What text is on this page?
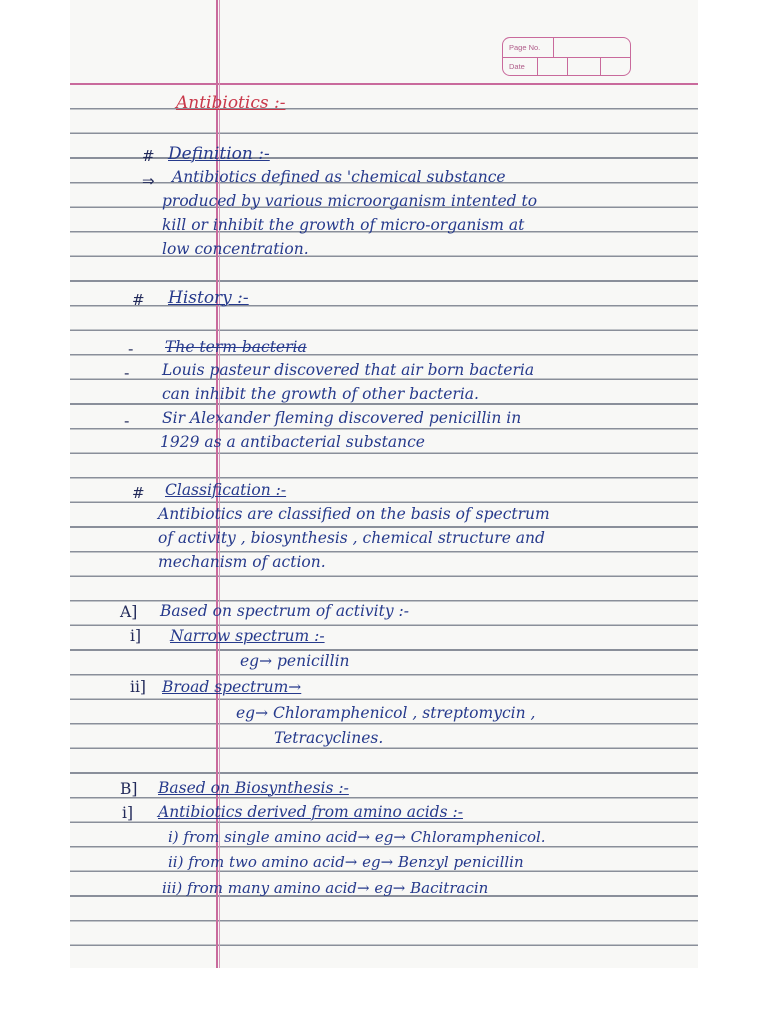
Page No.
Date
Antibiotics :-
# Definition :-
⇒ Antibiotics defined as 'chemical substance
produced by various microorganism intented to
kill or inhibit the growth of micro-organism at
low concentration.
# History :-
- The term bacteria
- Louis pasteur discovered that air born bacteria
can inhibit the growth of other bacteria.
- Sir Alexander fleming discovered penicillin in
1929 as a antibacterial substance
# Classification :-
Antibiotics are classified on the basis of spectrum
of activity , biosynthesis , chemical structure and
mechanism of action.
A] Based on spectrum of activity :-
i] Narrow spectrum :-
eg→ penicillin
ii] Broad spectrum→
eg→ Chloramphenicol , streptomycin ,
Tetracyclines.
B] Based on Biosynthesis :-
i] Antibiotics derived from amino acids :-
i) from single amino acid→ eg→ Chloramphenicol.
ii) from two amino acid→ eg→ Benzyl penicillin
iii) from many amino acid→ eg→ Bacitracin
